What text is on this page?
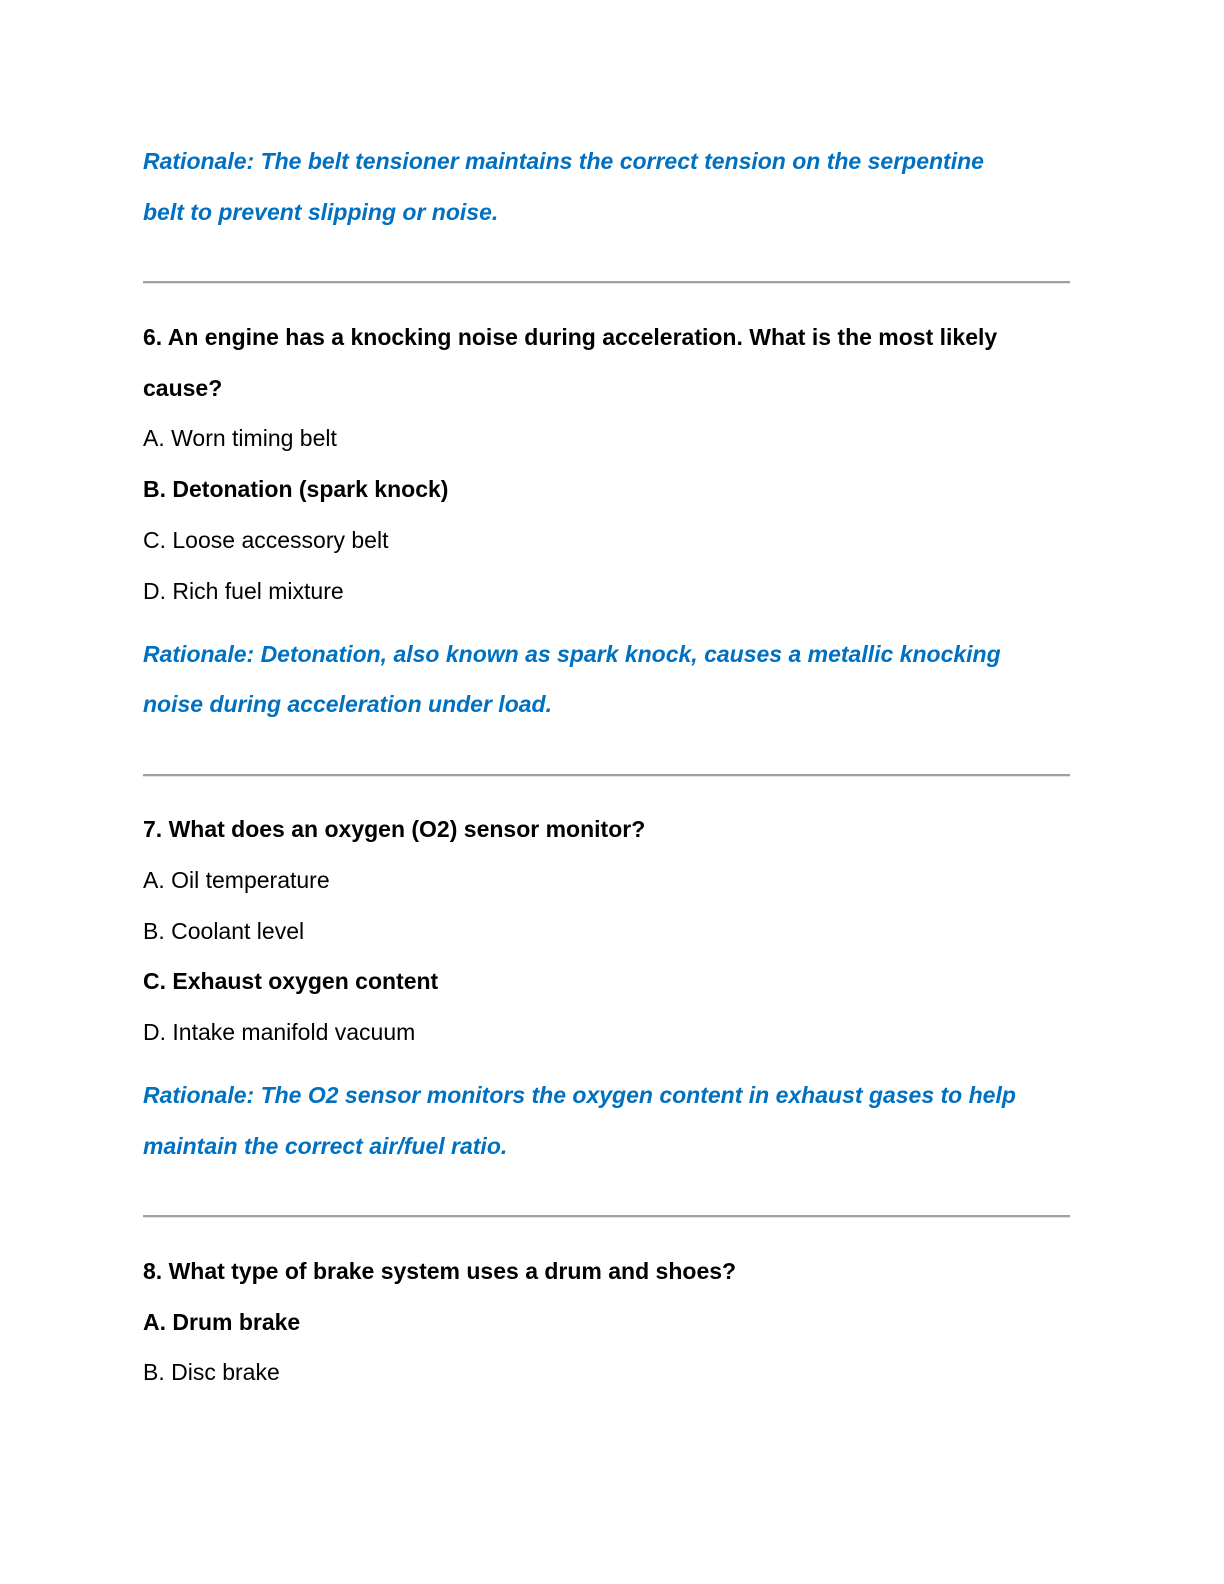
Rationale: The belt tensioner maintains the correct tension on the serpentine
belt to prevent slipping or noise.
6. An engine has a knocking noise during acceleration. What is the most likely
cause?
A. Worn timing belt
B. Detonation (spark knock)
C. Loose accessory belt
D. Rich fuel mixture
Rationale: Detonation, also known as spark knock, causes a metallic knocking
noise during acceleration under load.
7. What does an oxygen (O2) sensor monitor?
A. Oil temperature
B. Coolant level
C. Exhaust oxygen content
D. Intake manifold vacuum
Rationale: The O2 sensor monitors the oxygen content in exhaust gases to help
maintain the correct air/fuel ratio.
8. What type of brake system uses a drum and shoes?
A. Drum brake
B. Disc brake
